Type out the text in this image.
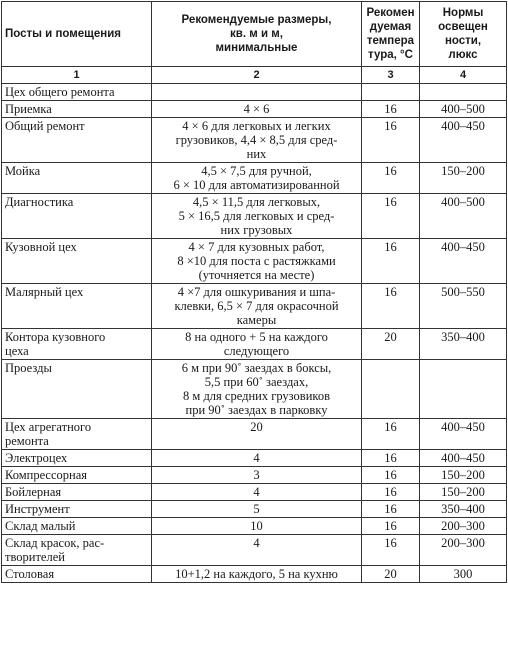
Посты и помещения	Рекомендуемые размеры,
кв. м и м,
минимальные	Рекомен
дуемая
темпера
тура, °С	Нормы
освещен
ности,
люкс
1	2	3	4
Цех общего ремонта			
Приемка	4 × 6	16	400–500
Общий ремонт	4 × 6 для легковых и легких
грузовиков, 4,4 × 8,5 для сред-
них	16	400–450
Мойка	4,5 × 7,5 для ручной,
6 × 10 для автоматизированной	16	150–200
Диагностика	4,5 × 11,5 для легковых,
5 × 16,5 для легковых и сред-
них грузовых	16	400–500
Кузовной цех	4 × 7 для кузовных работ,
8 ×10 для поста с растяжками
(уточняется на месте)	16	400–450
Малярный цех	4 ×7 для ошкуривания и шпа-
клевки, 6,5 × 7 для окрасочной
камеры	16	500–550
Контора кузовного
цеха	8 на одного + 5 на каждого
следующего	20	350–400
Проезды	6 м при 90˚ заездах в боксы,
5,5 при 60˚ заездах,
8 м для средних грузовиков
при 90˚ заездах в парковку		
Цех агрегатного
ремонта	20	16	400–450
Электроцех	4	16	400–450
Компрессорная	3	16	150–200
Бойлерная	4	16	150–200
Инструмент	5	16	350–400
Склад малый	10	16	200–300
Склад красок, рас-
творителей	4	16	200–300
Столовая	10+1,2 на каждого, 5 на кухню	20	300
